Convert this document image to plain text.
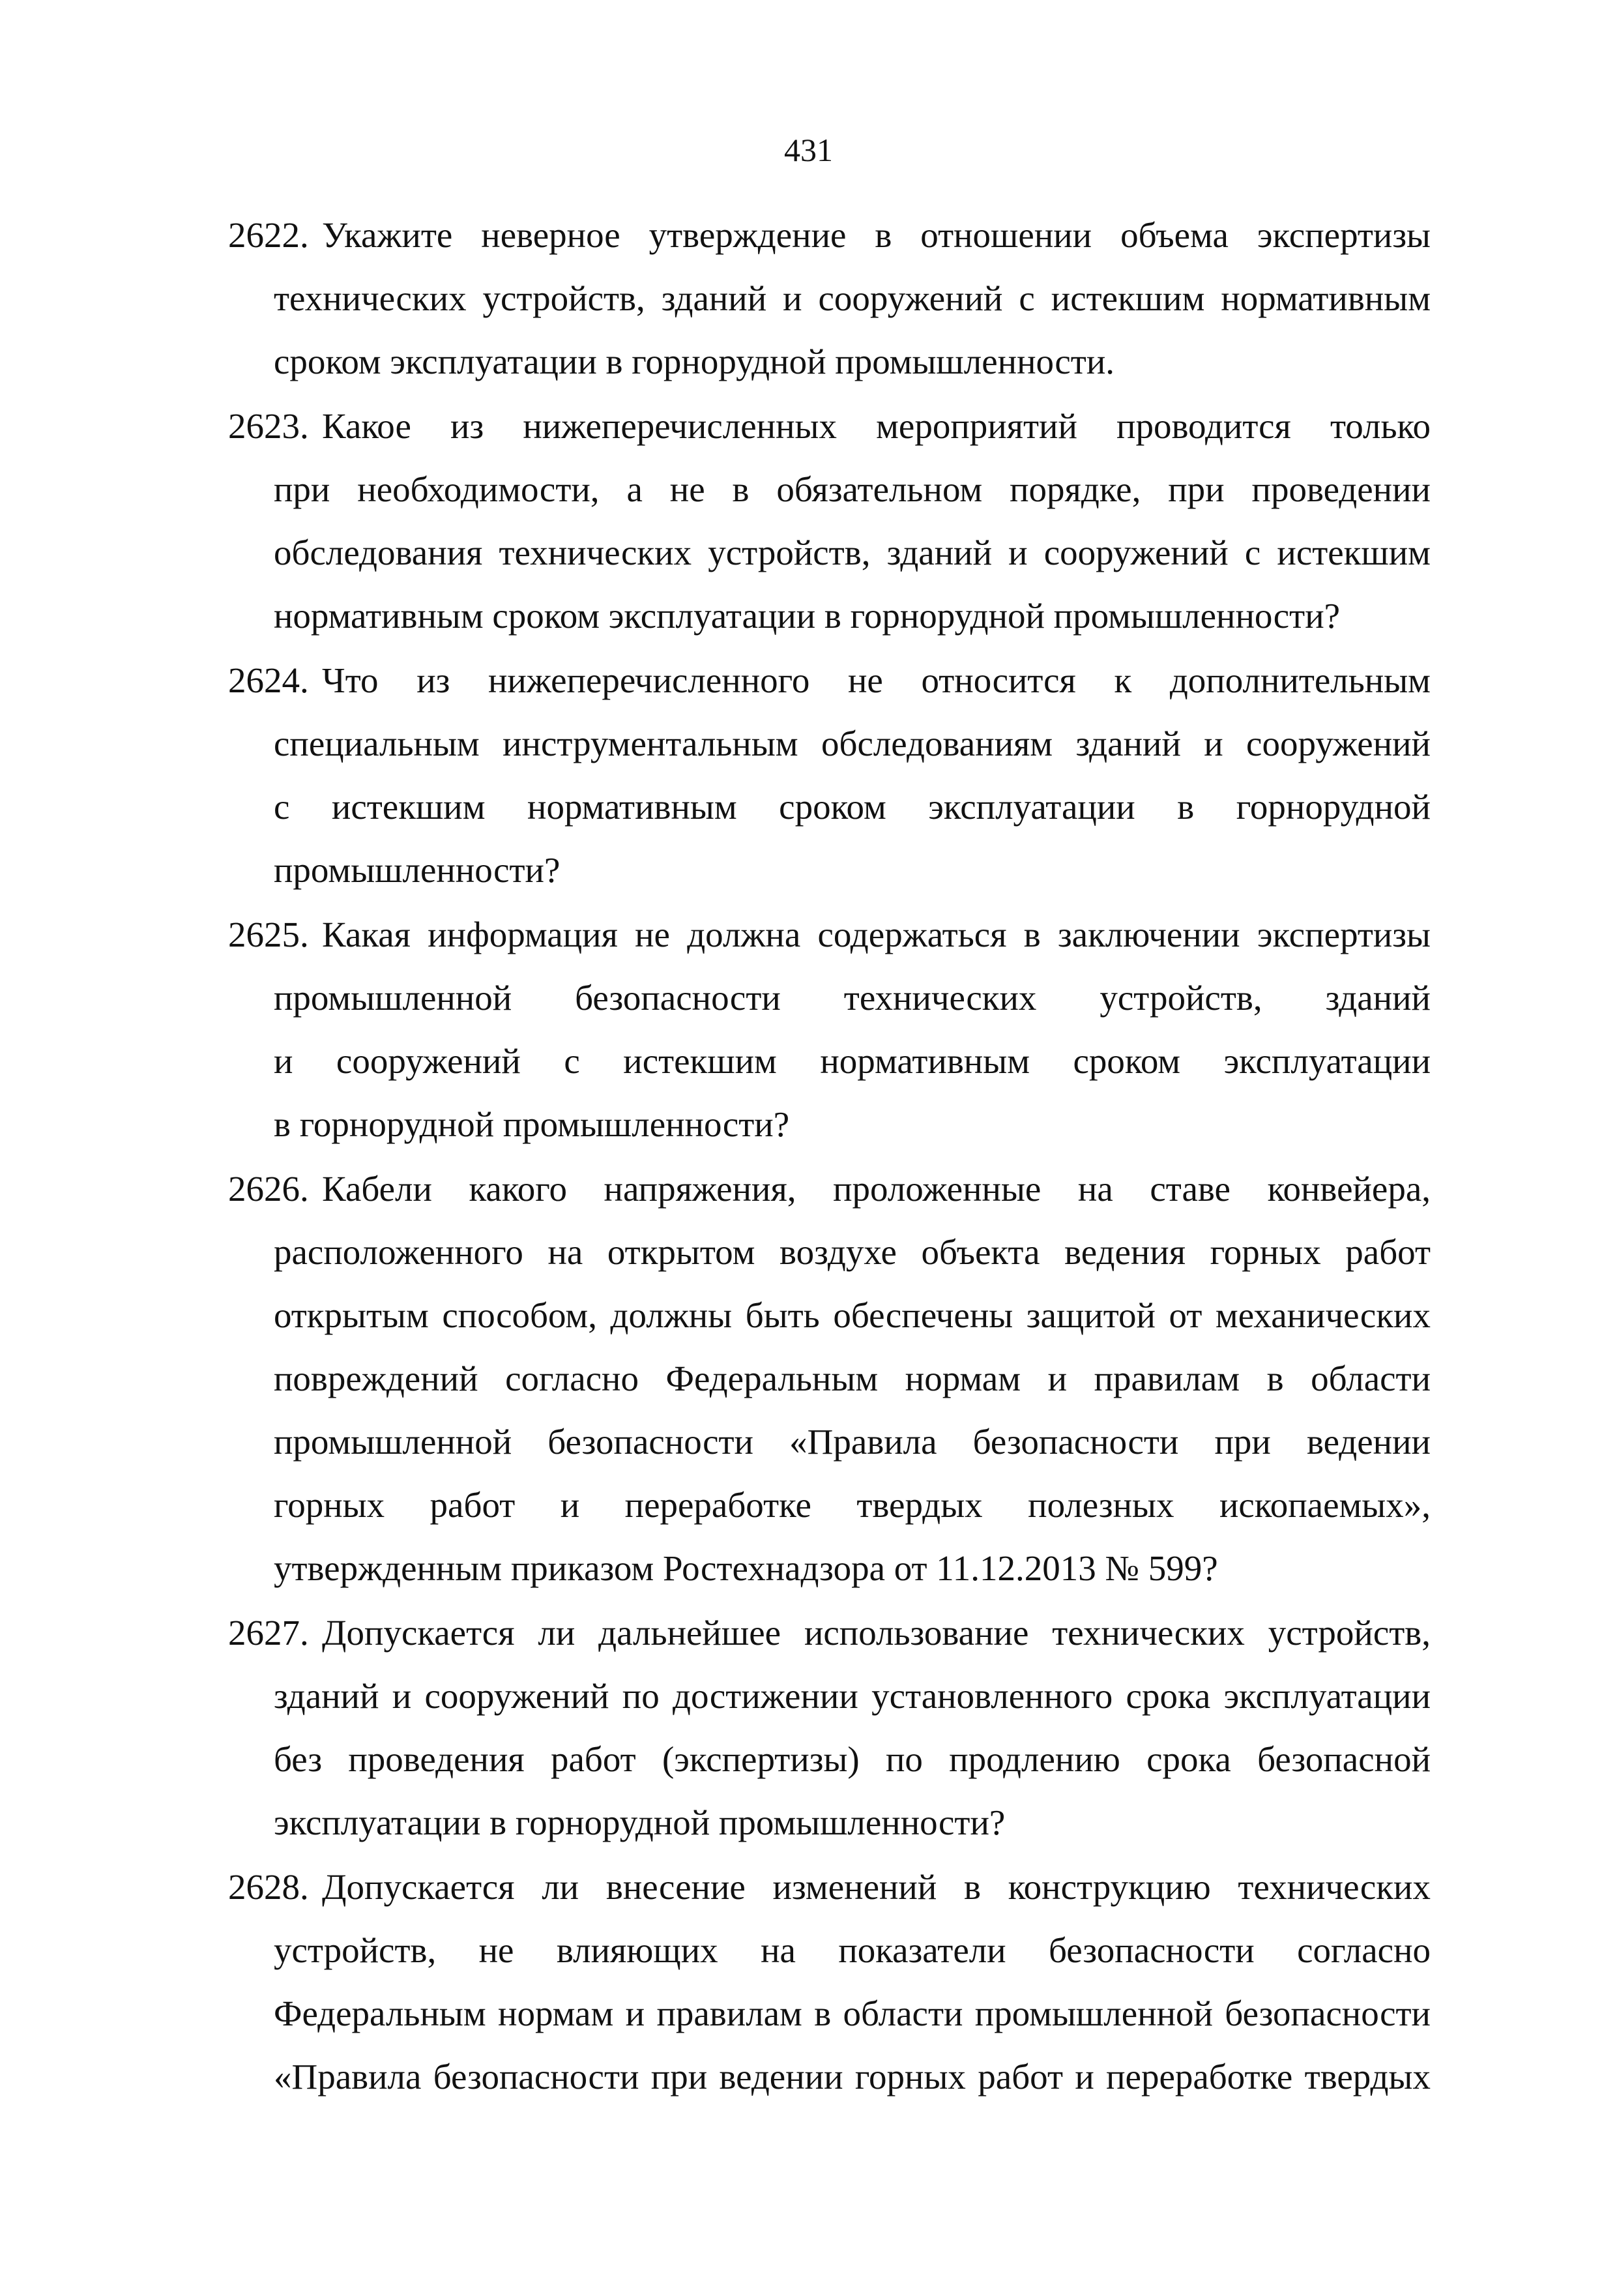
431
2622. Укажите неверное утверждение в отношении объема экспертизы
технических устройств, зданий и сооружений с истекшим нормативным
сроком эксплуатации в горнорудной промышленности.
2623. Какое из нижеперечисленных мероприятий проводится только
при необходимости, а не в обязательном порядке, при проведении
обследования технических устройств, зданий и сооружений с истекшим
нормативным сроком эксплуатации в горнорудной промышленности?
2624. Что из нижеперечисленного не относится к дополнительным
специальным инструментальным обследованиям зданий и сооружений
с истекшим нормативным сроком эксплуатации в горнорудной
промышленности?
2625. Какая информация не должна содержаться в заключении экспертизы
промышленной безопасности технических устройств, зданий
и сооружений с истекшим нормативным сроком эксплуатации
в горнорудной промышленности?
2626. Кабели какого напряжения, проложенные на ставе конвейера,
расположенного на открытом воздухе объекта ведения горных работ
открытым способом, должны быть обеспечены защитой от механических
повреждений согласно Федеральным нормам и правилам в области
промышленной безопасности «Правила безопасности при ведении
горных работ и переработке твердых полезных ископаемых»,
утвержденным приказом Ростехнадзора от 11.12.2013 № 599?
2627. Допускается ли дальнейшее использование технических устройств,
зданий и сооружений по достижении установленного срока эксплуатации
без проведения работ (экспертизы) по продлению срока безопасной
эксплуатации в горнорудной промышленности?
2628. Допускается ли внесение изменений в конструкцию технических
устройств, не влияющих на показатели безопасности согласно
Федеральным нормам и правилам в области промышленной безопасности
«Правила безопасности при ведении горных работ и переработке твердых
